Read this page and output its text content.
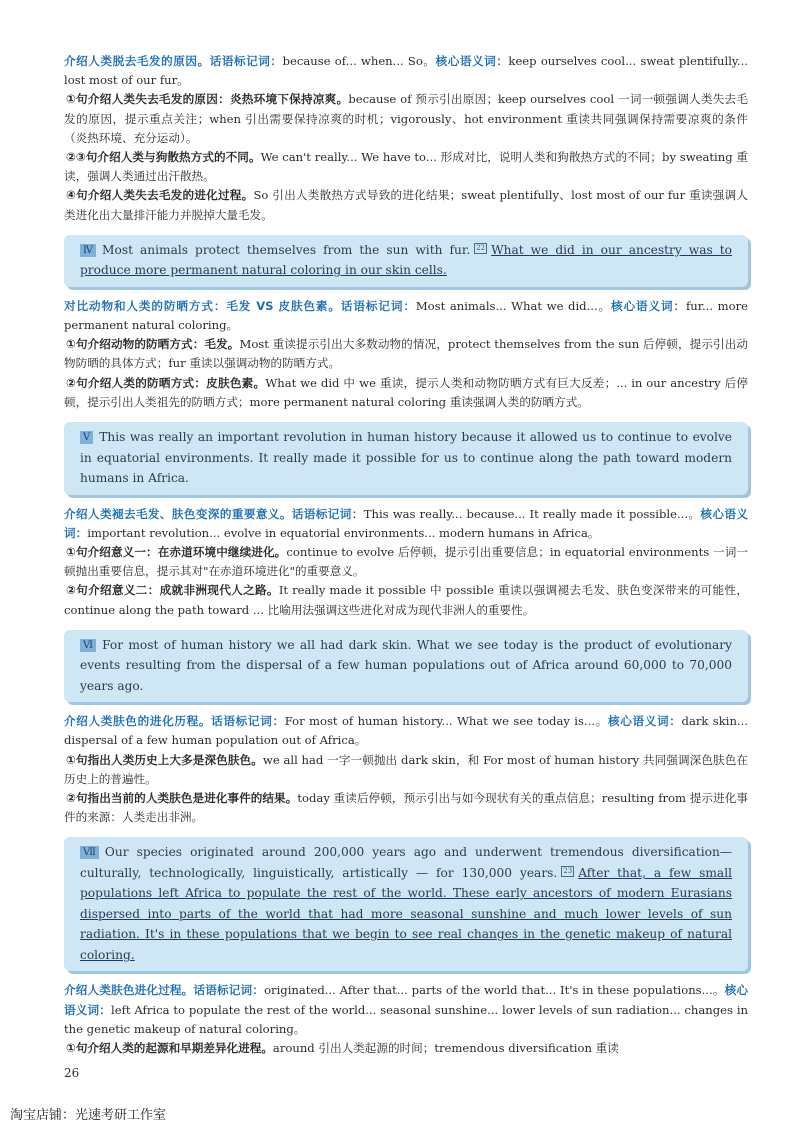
介绍人类脱去毛发的原因。话语标记词：because of... when... So。核心语义词：keep ourselves cool... sweat plentifully... lost most of our fur。

①句介绍人类失去毛发的原因：炎热环境下保持凉爽。because of 预示引出原因；keep ourselves cool 一词一顿强调人类失去毛发的原因，提示重点关注；when 引出需要保持凉爽的时机；vigorously、hot environment 重读共同强调保持需要凉爽的条件（炎热环境、充分运动）。

②③句介绍人类与狗散热方式的不同。We can't really... We have to... 形成对比，说明人类和狗散热方式的不同；by sweating 重读，强调人类通过出汗散热。

④句介绍人类失去毛发的进化过程。So 引出人类散热方式导致的进化结果；sweat plentifully、lost most of our fur 重读强调人类进化出大量排汗能力并脱掉大量毛发。

Ⅳ Most animals protect themselves from the sun with fur. 22 What we did in our ancestry was to produce more permanent natural coloring in our skin cells.

对比动物和人类的防晒方式：毛发 VS 皮肤色素。话语标记词：Most animals... What we did...。核心语义词：fur... more permanent natural coloring。

①句介绍动物的防晒方式：毛发。Most 重读提示引出大多数动物的情况，protect themselves from the sun 后停顿，提示引出动物防晒的具体方式；fur 重读以强调动物的防晒方式。

②句介绍人类的防晒方式：皮肤色素。What we did 中 we 重读，提示人类和动物防晒方式有巨大反差；... in our ancestry 后停顿，提示引出人类祖先的防晒方式；more permanent natural coloring 重读强调人类的防晒方式。

Ⅴ This was really an important revolution in human history because it allowed us to continue to evolve in equatorial environments. It really made it possible for us to continue along the path toward modern humans in Africa.

介绍人类褪去毛发、肤色变深的重要意义。话语标记词：This was really... because... It really made it possible...。核心语义词：important revolution... evolve in equatorial environments... modern humans in Africa。

①句介绍意义一：在赤道环境中继续进化。continue to evolve 后停顿，提示引出重要信息；in equatorial environments 一词一顿抛出重要信息，提示其对"在赤道环境进化"的重要意义。

②句介绍意义二：成就非洲现代人之路。It really made it possible 中 possible 重读以强调褪去毛发、肤色变深带来的可能性，continue along the path toward ... 比喻用法强调这些进化对成为现代非洲人的重要性。

Ⅵ For most of human history we all had dark skin. What we see today is the product of evolutionary events resulting from the dispersal of a few human populations out of Africa around 60,000 to 70,000 years ago.

介绍人类肤色的进化历程。话语标记词：For most of human history... What we see today is...。核心语义词：dark skin... dispersal of a few human population out of Africa。

①句指出人类历史上大多是深色肤色。we all had 一字一顿抛出 dark skin，和 For most of human history 共同强调深色肤色在历史上的普遍性。

②句指出当前的人类肤色是进化事件的结果。today 重读后停顿，预示引出与如今现状有关的重点信息；resulting from 提示进化事件的来源：人类走出非洲。

Ⅶ Our species originated around 200,000 years ago and underwent tremendous diversification— culturally, technologically, linguistically, artistically — for 130,000 years. 23 After that, a few small populations left Africa to populate the rest of the world. These early ancestors of modern Eurasians dispersed into parts of the world that had more seasonal sunshine and much lower levels of sun radiation. It's in these populations that we begin to see real changes in the genetic makeup of natural coloring.

介绍人类肤色进化过程。话语标记词：originated... After that... parts of the world that... It's in these populations...。核心语义词：left Africa to populate the rest of the world... seasonal sunshine... lower levels of sun radiation... changes in the genetic makeup of natural coloring。

①句介绍人类的起源和早期差异化进程。around 引出人类起源的时间；tremendous diversification 重读

26
淘宝店铺：光速考研工作室
